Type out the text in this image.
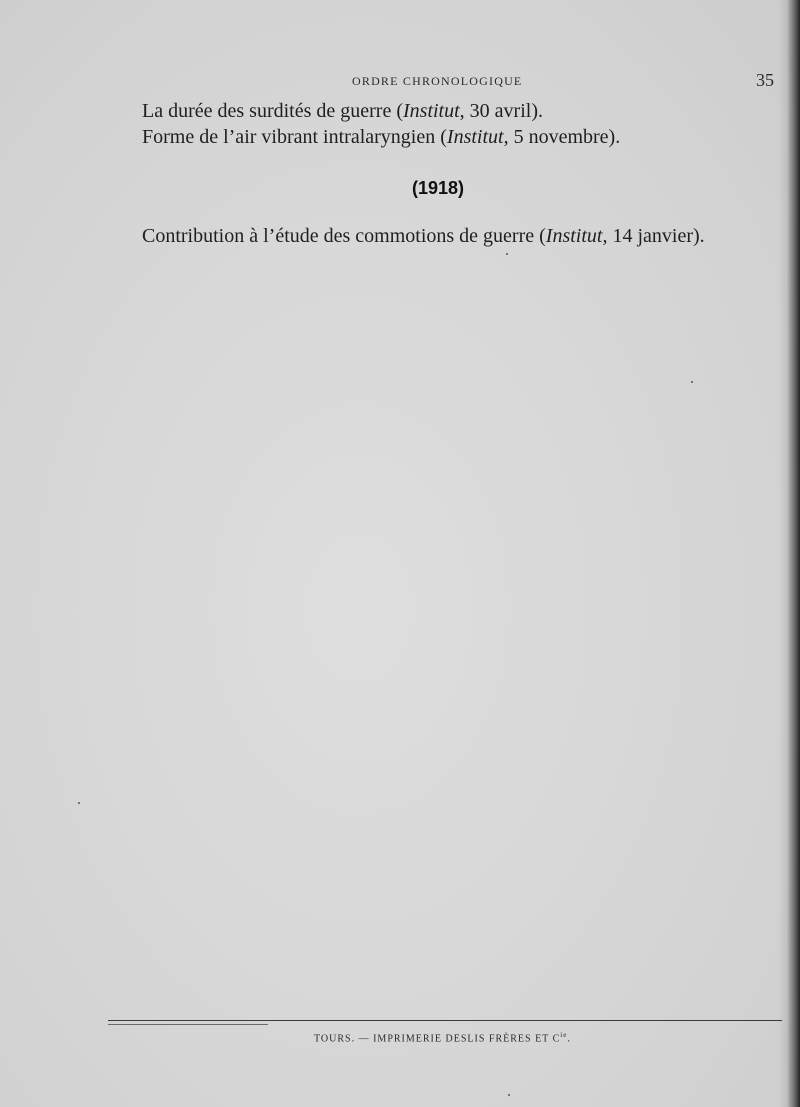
ORDRE CHRONOLOGIQUE	35
La durée des surdités de guerre (Institut, 30 avril).
Forme de l’air vibrant intralaryngien (Institut, 5 novembre).
(1918)
Contribution à l’étude des commotions de guerre (Institut, 14 janvier).
TOURS. — IMPRIMERIE DESLIS FRÈRES ET $C^{ie}$.
